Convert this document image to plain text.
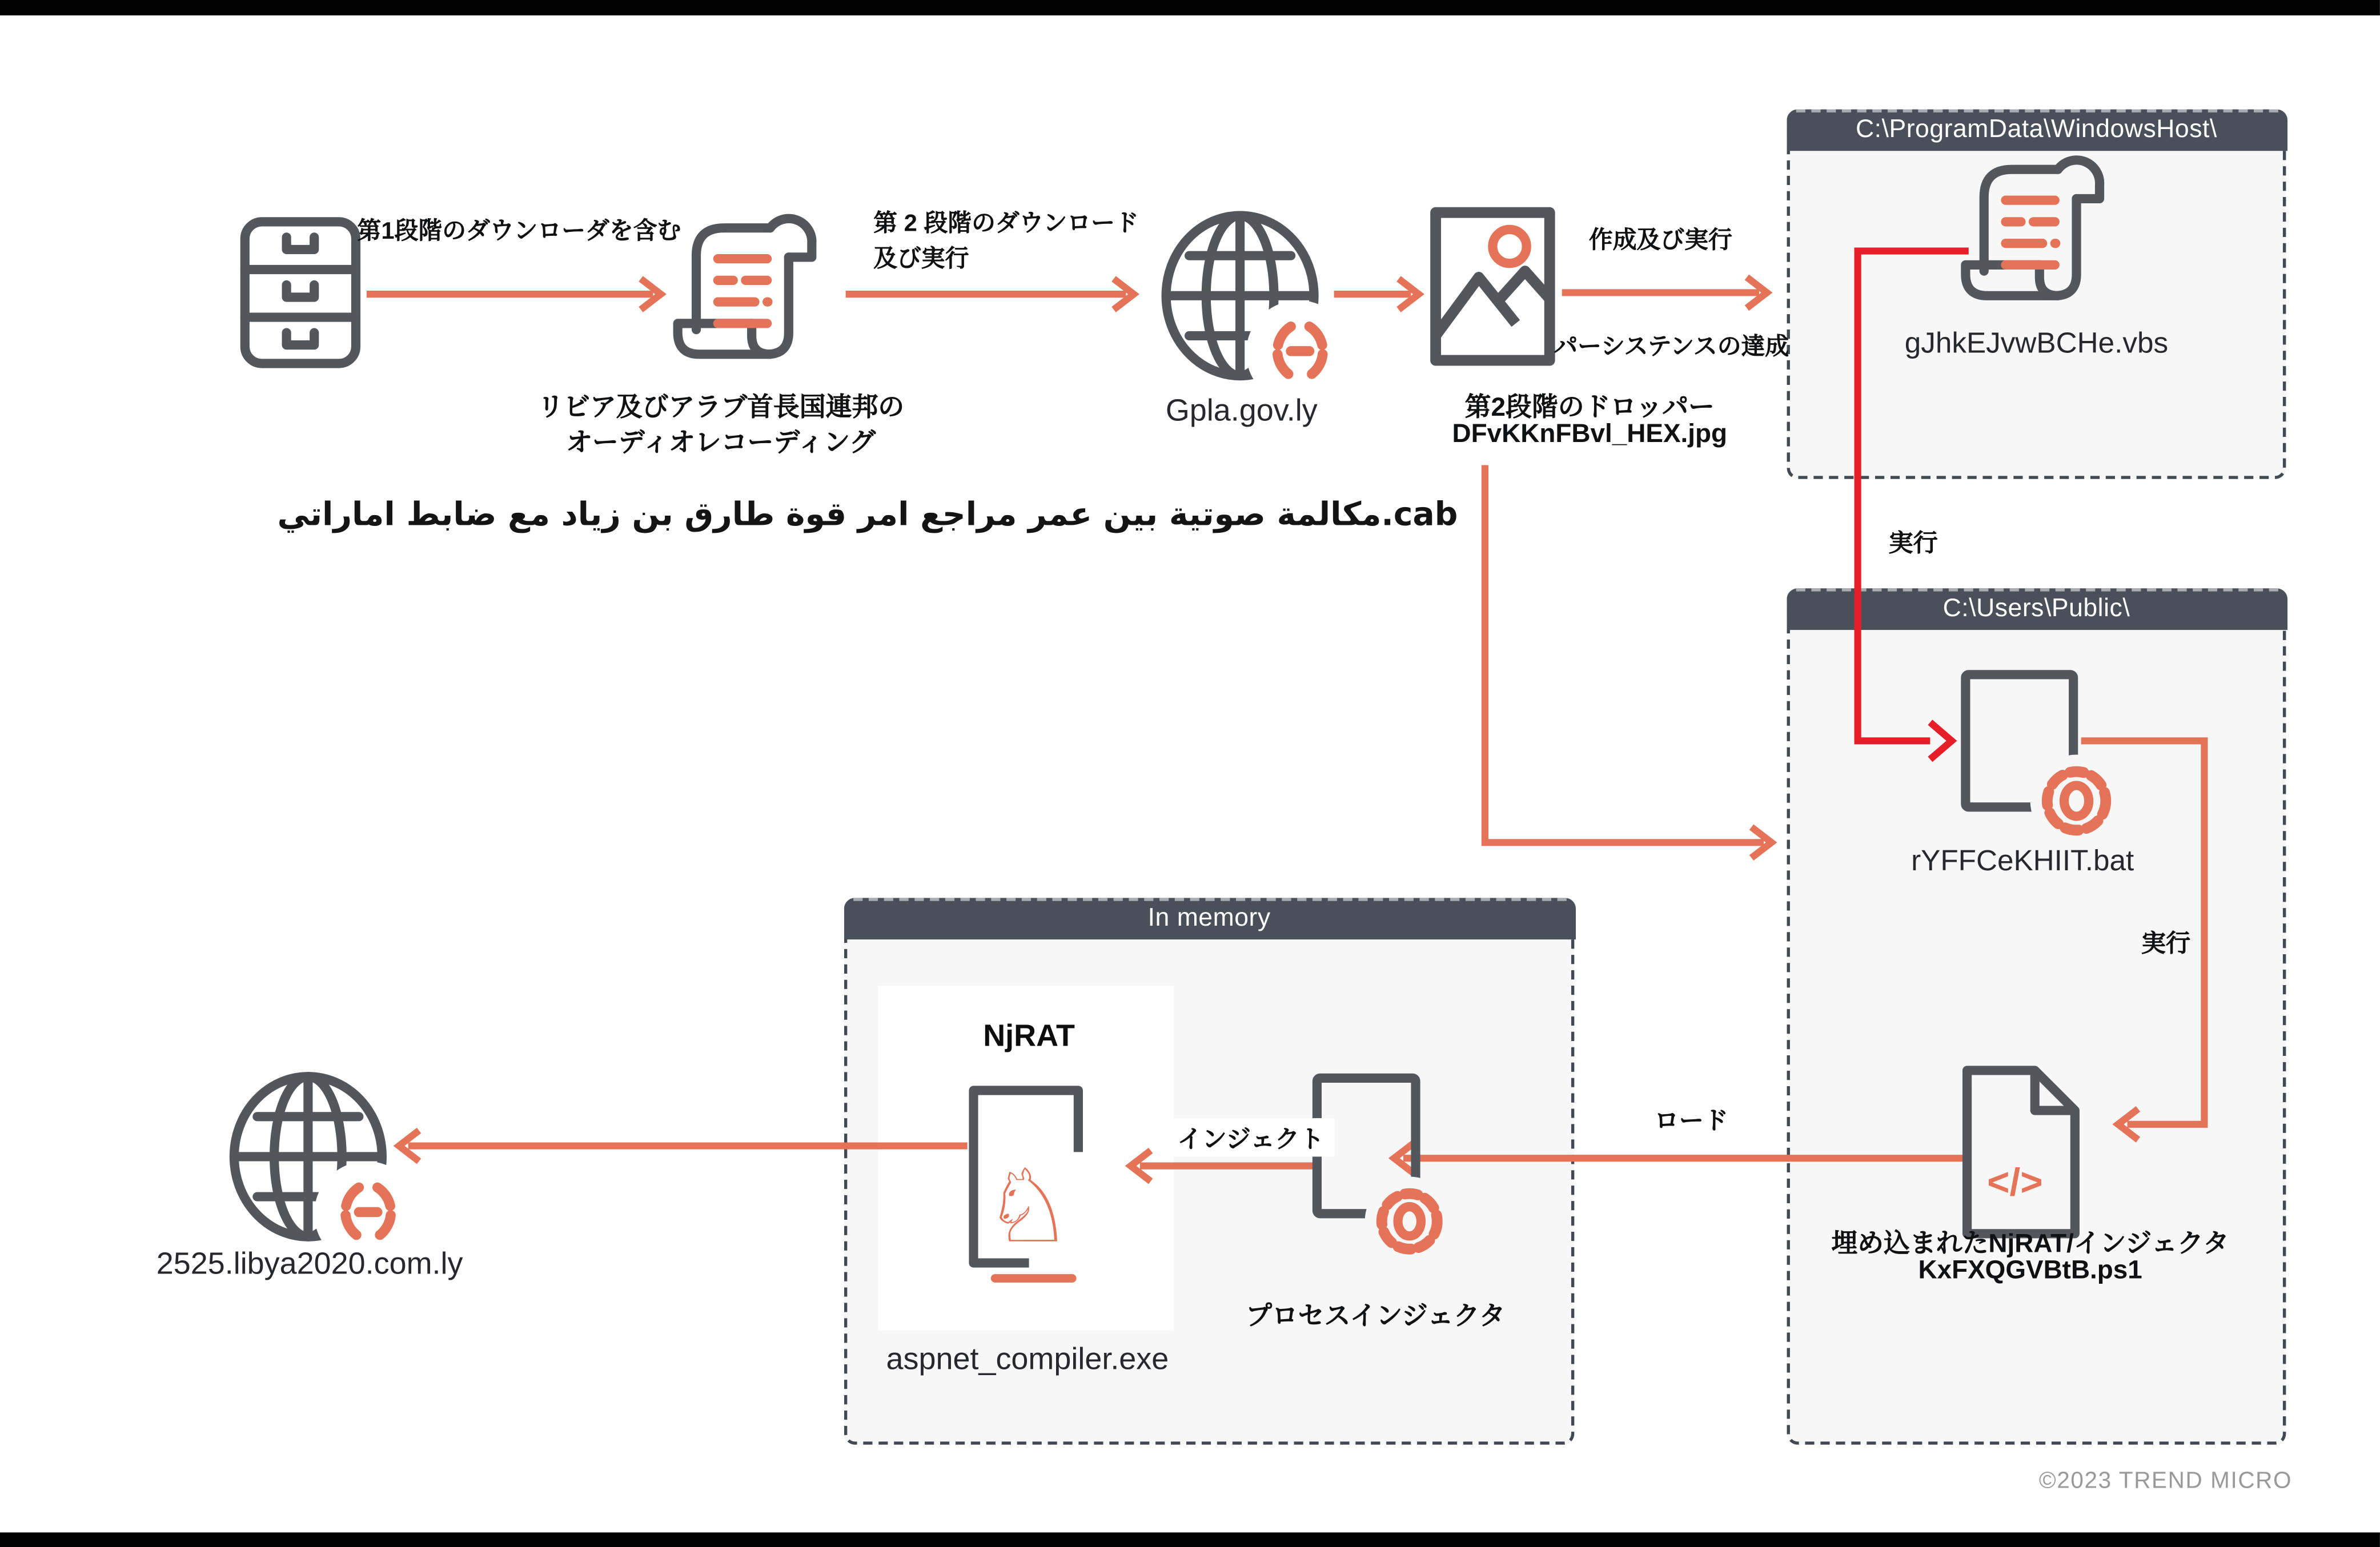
C:\ProgramData\WindowsHost\
C:\Users\Public\
In memory
</>
♘
第1段階のダウンローダを含む
リビア及びアラブ首長国連邦の
オーディオレコーディング
مكالمة صوتية بين عمر مراجع امر قوة طارق بن زياد مع ضابط اماراتي.cab
第 2 段階のダウンロード
及び実行
Gpla.gov.ly
作成及び実行
パーシステンスの達成
第2段階のドロッパー
DFvKKnFBvl_HEX.jpg
gJhkEJvwBCHe.vbs
実行
rYFFCeKHIIT.bat
実行
ロード
埋め込まれたNjRAT/インジェクタ
KxFXQGVBtB.ps1
NjRAT
インジェクト
プロセスインジェクタ
aspnet_compiler.exe
2525.libya2020.com.ly
©2023 TREND MICRO
